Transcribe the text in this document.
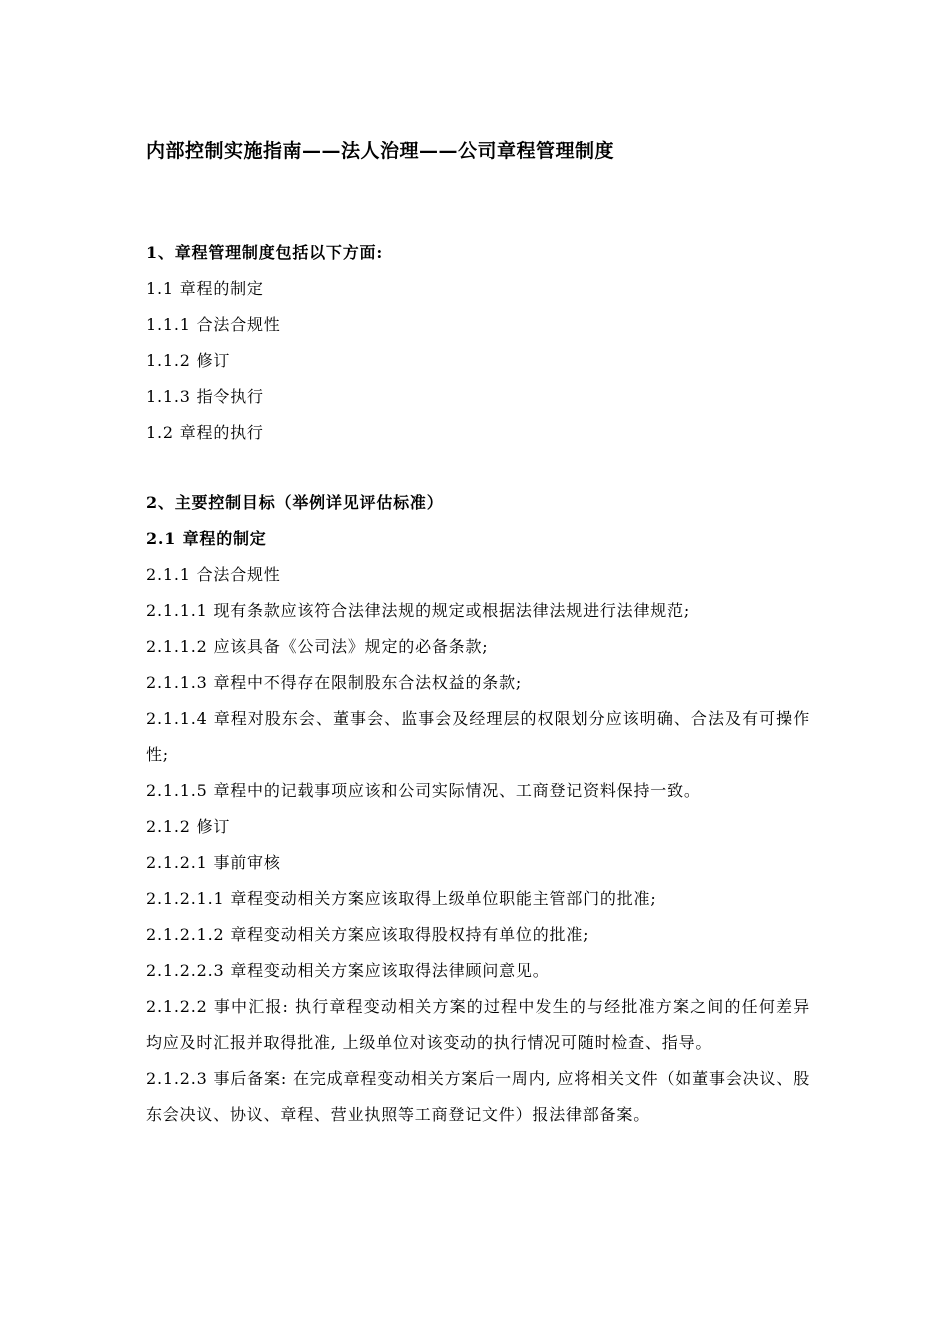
内部控制实施指南——法人治理——公司章程管理制度
1、章程管理制度包括以下方面:
1.1 章程的制定
1.1.1 合法合规性
1.1.2 修订
1.1.3 指令执行
1.2 章程的执行
2、主要控制目标（举例详见评估标准）
2.1 章程的制定
2.1.1 合法合规性
2.1.1.1 现有条款应该符合法律法规的规定或根据法律法规进行法律规范;
2.1.1.2 应该具备《公司法》规定的必备条款;
2.1.1.3 章程中不得存在限制股东合法权益的条款;
2.1.1.4 章程对股东会、董事会、监事会及经理层的权限划分应该明确、合法及有可操作性;
2.1.1.5 章程中的记载事项应该和公司实际情况、工商登记资料保持一致。
2.1.2 修订
2.1.2.1 事前审核
2.1.2.1.1 章程变动相关方案应该取得上级单位职能主管部门的批准;
2.1.2.1.2 章程变动相关方案应该取得股权持有单位的批准;
2.1.2.2.3 章程变动相关方案应该取得法律顾问意见。
2.1.2.2 事中汇报: 执行章程变动相关方案的过程中发生的与经批准方案之间的任何差异均应及时汇报并取得批准, 上级单位对该变动的执行情况可随时检查、指导。
2.1.2.3 事后备案: 在完成章程变动相关方案后一周内, 应将相关文件（如董事会决议、股东会决议、协议、章程、营业执照等工商登记文件）报法律部备案。
